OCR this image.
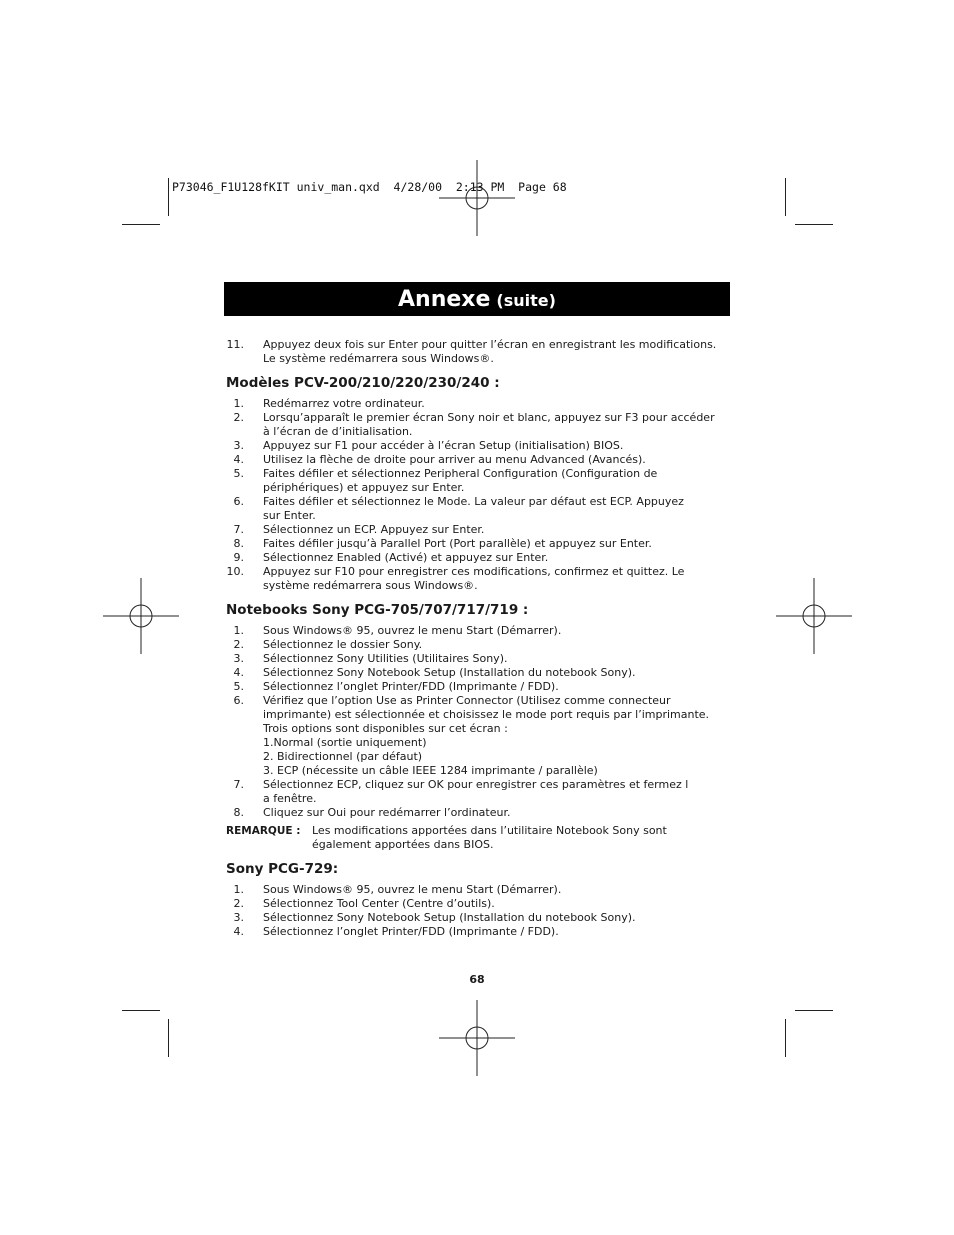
P73046_F1U128fKIT univ_man.qxd  4/28/00  2:13 PM  Page 68
Annexe (suite)
11.	Appuyez deux fois sur Enter pour quitter l’écran en enregistrant les modifications.
Le système redémarrera sous Windows®.
Modèles PCV-200/210/220/230/240 :
1.	Redémarrez votre ordinateur.
2.	Lorsqu’apparaît le premier écran Sony noir et blanc, appuyez sur F3 pour accéder
à l’écran de d’initialisation.
3.	Appuyez sur F1 pour accéder à l’écran Setup (initialisation) BIOS.
4.	Utilisez la flèche de droite pour arriver au menu Advanced (Avancés).
5.	Faites défiler et sélectionnez Peripheral Configuration (Configuration de
périphériques) et appuyez sur Enter.
6.	Faites défiler et sélectionnez le Mode. La valeur par défaut est ECP. Appuyez
sur Enter.
7.	Sélectionnez un ECP. Appuyez sur Enter.
8.	Faites défiler jusqu’à Parallel Port (Port parallèle) et appuyez sur Enter.
9.	Sélectionnez Enabled (Activé) et appuyez sur Enter.
10.	Appuyez sur F10 pour enregistrer ces modifications, confirmez et quittez. Le
système redémarrera sous Windows®.
Notebooks Sony PCG-705/707/717/719 :
1.	Sous Windows® 95, ouvrez le menu Start (Démarrer).
2.	Sélectionnez le dossier Sony.
3.	Sélectionnez Sony Utilities (Utilitaires Sony).
4.	Sélectionnez Sony Notebook Setup (Installation du notebook Sony).
5.	Sélectionnez l’onglet Printer/FDD (Imprimante / FDD).
6.	Vérifiez que l’option Use as Printer Connector (Utilisez comme connecteur
imprimante) est sélectionnée et choisissez le mode port requis par l’imprimante.
Trois options sont disponibles sur cet écran :
1.Normal (sortie uniquement)
2. Bidirectionnel (par défaut)
3. ECP (nécessite un câble IEEE 1284 imprimante / parallèle)
7.	Sélectionnez ECP, cliquez sur OK pour enregistrer ces paramètres et fermez l
a fenêtre.
8.	Cliquez sur Oui pour redémarrer l’ordinateur.
REMARQUE :	Les modifications apportées dans l’utilitaire Notebook Sony sont
également apportées dans BIOS.
Sony PCG-729:
1.	Sous Windows® 95, ouvrez le menu Start (Démarrer).
2.	Sélectionnez Tool Center (Centre d’outils).
3.	Sélectionnez Sony Notebook Setup (Installation du notebook Sony).
4.	Sélectionnez l’onglet Printer/FDD (Imprimante / FDD).
68
